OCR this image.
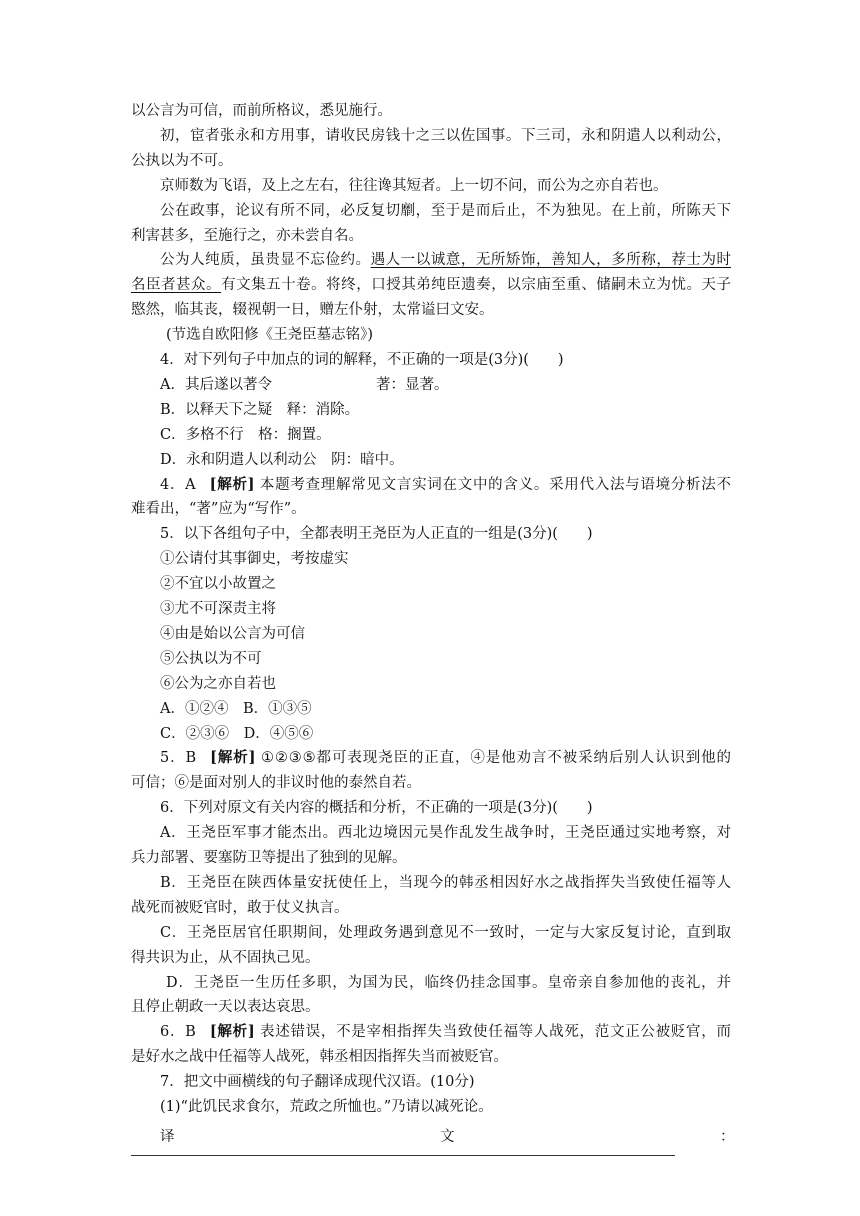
以公言为可信，而前所格议，悉见施行。
初，宦者张永和方用事，请收民房钱十之三以佐国事。下三司，永和阴遣人以利动公，
公执以为不可。
京师数为飞语，及上之左右，往往谗其短者。上一切不问，而公为之亦自若也。
公在政事，论议有所不同，必反复切劘，至于是而后止，不为独见。在上前，所陈天下
利害甚多，至施行之，亦未尝自名。
公为人纯质，虽贵显不忘俭约。遇人一以诚意，无所矫饰，善知人，多所称，荐士为时
名臣者甚众。有文集五十卷。将终，口授其弟纯臣遗奏，以宗庙至重、储嗣未立为忧。天子
愍然，临其丧，辍视朝一日，赠左仆射，太常谥曰文安。
(节选自欧阳修《王尧臣墓志铭》)
4．对下列句子中加点的词的解释，不正确的一项是(3分)(　　)
A．其后遂以著令	著：显著。
B．以释天下之疑　释：消除。
C．多格不行　格：搁置。
D．永和阴遣人以利动公　阴：暗中。
4．A [解析] 本题考查理解常见文言实词在文中的含义。采用代入法与语境分析法不
难看出，“著”应为“写作”。
5．以下各组句子中，全都表明王尧臣为人正直的一组是(3分)(　　)
①公请付其事御史，考按虚实
②不宜以小故置之
③尤不可深责主将
④由是始以公言为可信
⑤公执以为不可
⑥公为之亦自若也
A．①②④　B．①③⑤
C．②③⑥　D．④⑤⑥
5．B [解析] ①②③⑤都可表现尧臣的正直，④是他劝言不被采纳后别人认识到他的
可信；⑥是面对别人的非议时他的泰然自若。
6．下列对原文有关内容的概括和分析，不正确的一项是(3分)(　　)
A．王尧臣军事才能杰出。西北边境因元昊作乱发生战争时，王尧臣通过实地考察，对
兵力部署、要塞防卫等提出了独到的见解。
B．王尧臣在陕西体量安抚使任上，当现今的韩丞相因好水之战指挥失当致使任福等人
战死而被贬官时，敢于仗义执言。
C．王尧臣居官任职期间，处理政务遇到意见不一致时，一定与大家反复讨论，直到取
得共识为止，从不固执己见。
D．王尧臣一生历任多职，为国为民，临终仍挂念国事。皇帝亲自参加他的丧礼，并
且停止朝政一天以表达哀思。
6．B [解析] 表述错误，不是宰相指挥失当致使任福等人战死，范文正公被贬官，而
是好水之战中任福等人战死，韩丞相因指挥失当而被贬官。
7．把文中画横线的句子翻译成现代汉语。(10分)
(1)“此饥民求食尔，荒政之所恤也。”乃请以减死论。
译	文	：
